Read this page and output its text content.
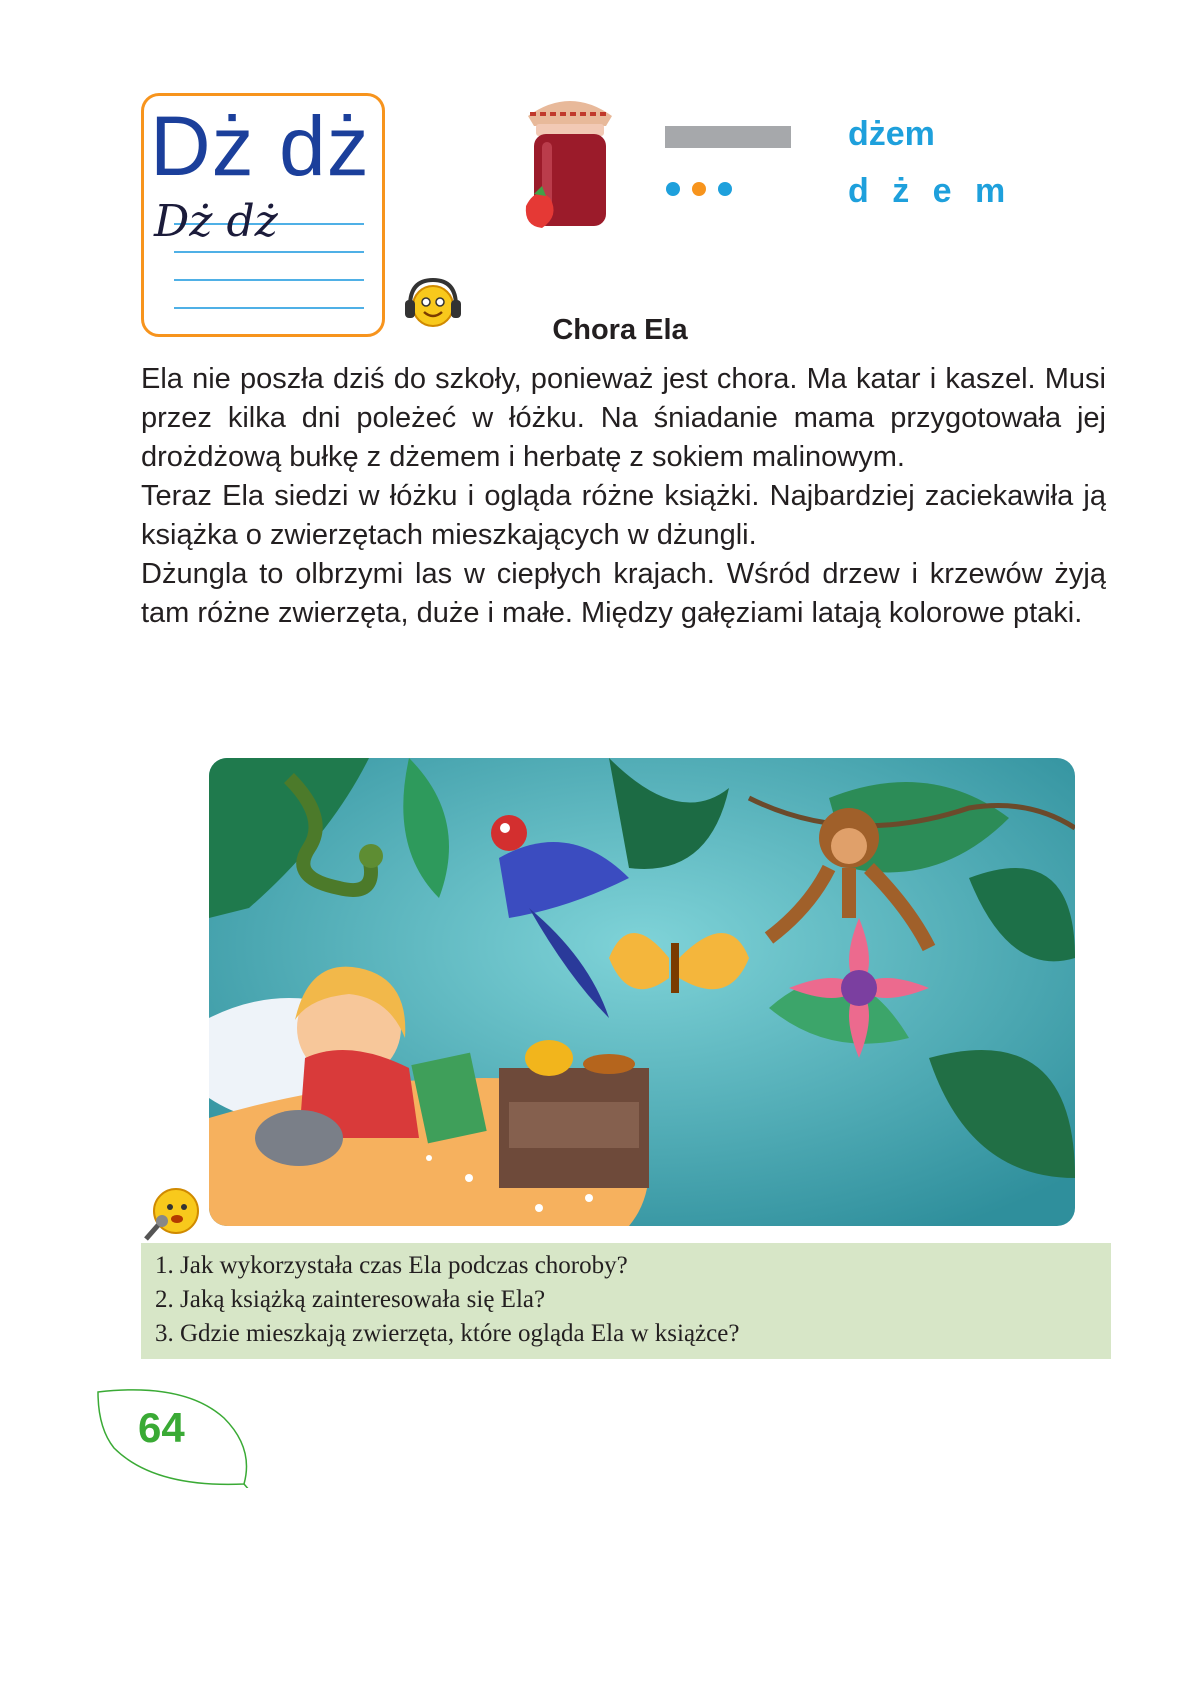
Dż dż
Dż dż
dżem
d ż e m
Chora Ela

Ela nie poszła dziś do szkoły, ponieważ jest chora. Ma katar i kaszel. Musi przez kilka dni poleżeć w łóżku. Na śniadanie mama przygotowała jej drożdżową bułkę z dżemem i herbatę z sokiem malinowym.

Teraz Ela siedzi w łóżku i ogląda różne książki. Najbardziej zaciekawiła ją książka o zwierzętach mieszkających w dżungli.

Dżungla to olbrzymi las w ciepłych krajach. Wśród drzew i krzewów żyją tam różne zwierzęta, duże i małe. Między gałęziami latają kolorowe ptaki.

1. Jak wykorzystała czas Ela podczas choroby?
2. Jaką książką zainteresowała się Ela?
3. Gdzie mieszkają zwierzęta, które ogląda Ela w książce?
64
